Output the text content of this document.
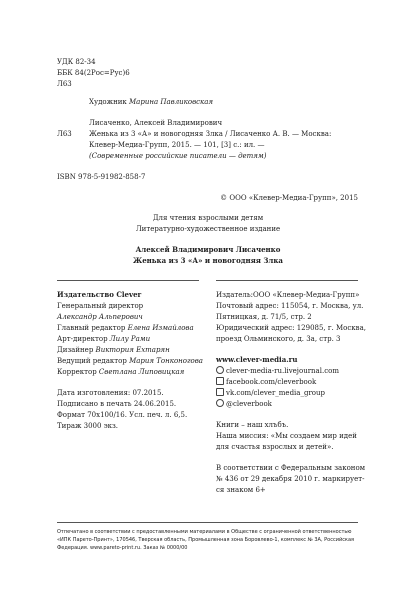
УДК 82-34
ББК 84(2Рос=Рус)6
Л63
Художник Марина Павликовская
Лисаченко, Алексей Владимирович
Л63 Женька из 3 «А» и новогодняя Злка / Лисаченко А. В. — Москва:
Клевер-Медиа-Групп, 2015. — 101, [3] с.: ил. —
(Современные российские писатели — детям)
ISBN 978-5-91982-858-7
© ООО «Клевер-Медиа-Групп», 2015
Для чтения взрослыми детям
Литературно-художественное издание
Алексей Владимирович Лисаченко
Женька из 3 «А» и новогодняя Злка
Издательство Clever
Генеральный директор
Александр Альперович
Главный редактор Елена Измайлова
Арт-директор Лилу Рами
Дизайнер Виктория Ехтарян
Ведущий редактор Мария Тонконогова
Корректор Светлана Липовицкая
Дата изготовления: 07.2015.
Подписано в печать 24.06.2015.
Формат 70x100/16. Усл. печ. л. 6,5.
Тираж 3000 экз.
Издатель:ООО «Клевер-Медиа-Групп»
Почтовый адрес: 115054, г. Москва, ул.
Пятницкая, д. 71/5, стр. 2
Юридический адрес: 129085, г. Москва,
проезд Ольминского, д. 3а, стр. 3
www.clever-media.ru
clever-media-ru.livejournal.com
facebook.com/cleverbook
vk.com/clever_media_group
@cleverbook
Книги – наш хлъбъ.
Наша миссия: «Мы создаем мир идей
для счастья взрослых и детей».
В соответствии с Федеральным законом
№ 436 от 29 декабря 2010 г. маркирует-
ся знаком 6+
Отпечатано в соответствии с предоставленными материалами в Обществе с ограниченной ответственностью
«ИПК Парето-Принт», 170546, Тверская область, Промышленная зона Боровлево-1, комплекс № 3А, Российская
Федерация. www.pareto-print.ru. Заказ № 0000/00
